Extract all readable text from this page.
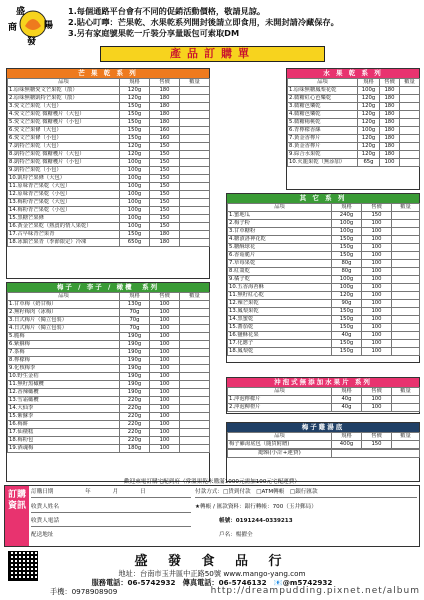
盛
陽
商
發
1.每個通路平台會有不同的促銷活動價格，敬請見諒。
2.貼心叮嚀：芒果乾、水果乾系列開封後請立即食用，未開封請冷藏保存。
3.另有家庭號果乾一斤裝分享量販包可索取DM
產品訂購單
芒 果 乾 系 列
品項	規格	售價	數量
1.原味無糖愛文芒果乾（散）	120g	180	
2.原味無糖凱特芒果乾（散）	120g	180	
3.愛文芒果乾（大包）	150g	180	
4.愛文芒果乾 微糖穫片（大包）	150g	180	
5.愛文芒果乾 微糖穫片（小包）	150g	180	
6.愛文芒果條（大包）	150g	160	
6.愛文芒果條（小包）	150g	160	
7.凱特芒果乾（大包）	120g	150	
8.凱特芒果乾 微糖穫片（大包）	120g	150	
8.凱特芒果乾 微糖穫片（小包）	100g	150	
9.凱特芒果乾（小包）	100g	150	
10.凱特芒果條（大包）	100g	150	
11.原味青芒果乾（大包）	100g	150	
12.原味青芒果乾（小包）	100g	150	
13.梅粉青芒果乾（大包）	100g	150	
14.梅粉青芒果乾（小包）	100g	150	
15.黑糖芒果條	100g	150	
16.黃金芒果乾（熱賣的情人果乾）	100g	150	
17.古早味青芒果青	150g	180	
18.冰鎮芒果青（季節限定）冷凍	650g	180	
梅子 / 李子 / 橄欖　系列
品項	規格	售價	數量
1.甘草梅（奶甘梅）	130g	100	
2.無籽梅肉（冰梅）	70g	100	
3.日式梅片（獨立包裝）	70g	100	
4.日式梅片（獨立包裝）	70g	100	
5.脆梅	190g	100	
6.紫蘇梅	190g	100	
7.茶梅	190g	100	
8.檸檬梅	190g	100	
9.化核梅李	190g	100	
10.野生金桔	190g	100	
11.無籽黑橄欖	190g	100	
12.香辣橄欖	190g	100	
13.雪霜橄欖	220g	100	
14.大仙李	220g	100	
15.紫蘇李	220g	100	
16.梅餅	220g	100	
17.仙楂糕	220g	100	
18.梅粉包	220g	100	
19.酒魂梅	180g	100	
水 果 乾 系 列
品項	規格	售價	數量
1.原味無糖鳳梨花乾	100g	180	
2.微糖紅心芭樂乾	120g	180	
3.微糖芭樂乾	120g	180	
4.微糖芭樂乾	120g	180	
5.微糖楊桃乾	120g	180	
6.青檸檬香絲	100g	180	
7.黃金香檸片	120g	180	
8.黃金香檸片	120g	180	
9.綜合水果乾	120g	180	
10.火龍果乾（無添加）	65g	100	
其 它 系 列
品項	規格	售價	數量
1.蜜地瓜	240g	150	
2.梅子粉	100g	100	
3.甘草糖粉	100g	100	
4.糖漬洛神花乾	150g	100	
5.糖酥球花	150g	100	
6.香菇脆片	150g	100	
7.草莓果乾	80g	100	
8.紅棗乾	80g	100	
9.橘子乾	100g	100	
10.五香海苔酥	100g	100	
11.無籽紅心乾	120g	100	
12.辣芒果乾	90g	100	
13.鳳梨果乾	150g	100	
14.黑蜜乾	150g	100	
15.蕃茄乾	150g	100	
16.鹽酥花果	40g	100	
17.化應子	150g	100	
18.鳳梨乾	150g	100	
沖泡式無添加水果片 系列
品項	規格	售價	數量
1.沖泡檸檬片	40g	100	
2.沖泡柳橙片	40g	100	
梅子雞湯底
品項	規格	售價	數量
梅子雞湯底包（隨貨附贈)	400g	150	
總額(小計+運費)	
歡迎來電訂購宅配到府（常溫果乾未購滿1000元需加100元宅配運費）
訂購資訊
訂購日期	年	月	日	付款方式：□貨到付款　□ATM轉帳　□銀行匯款
收貨人姓名	★轉帳 / 匯款資料：銀行轉帳：700（玉井郵局）
收貨人電話	帳號：0191244-0339213
配送地址	戶名：楊擢全
盛 發 食 品 行
地址：台南市玉井區中正路50號 www.mango-yang.com
服務電話：06-5742932　傳真電話：06-5746132　📧@m5742932
手機：0978908909	http://dreampudding.pixnet.net/album
